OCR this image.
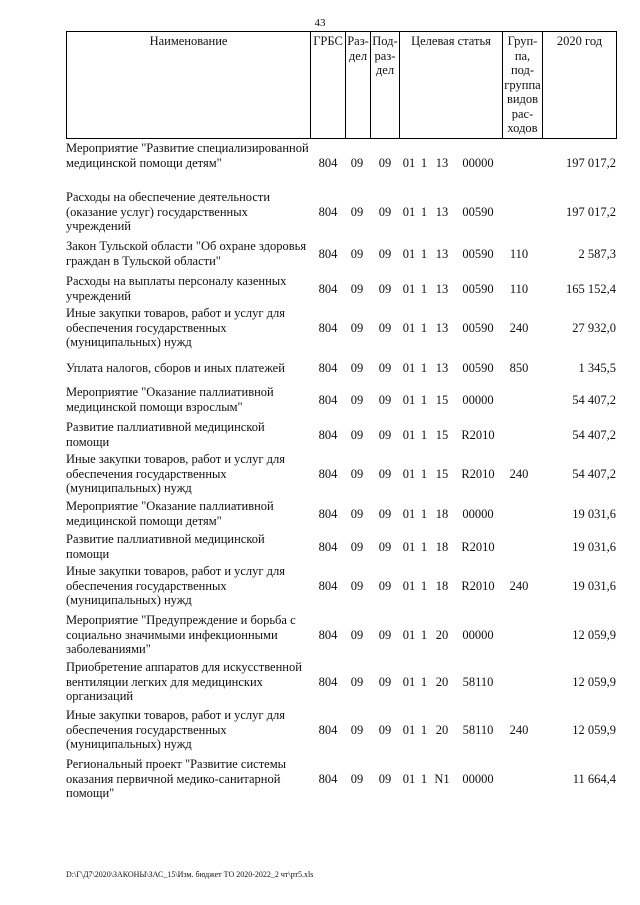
43
Наименование	ГРБС Раз-
дел
Под-
раз-
дел
Целевая статья	Груп-
па,
под-
группа
видов
рас-
ходов
2020 год
Мероприятие "Развитие специализированной медицинской помощи детям"	804	09	09 01 1 13	00000	197 017,2
Расходы на обеспечение деятельности (оказание услуг) государственных учреждений
804	09	09 01 1 13	00590	197 017,2
Закон Тульской области "Об охране здоровья граждан в Тульской области"	804	09	09 01 1 13	00590	110	2 587,3
Расходы на выплаты персоналу казенных учреждений	804	09	09 01 1 13	00590	110	165 152,4
Иные закупки товаров, работ и услуг для обеспечения государственных (муниципальных) нужд
804	09	09 01 1 13	00590	240	27 932,0
Уплата налогов, сборов и иных платежей	804	09	09 01 1 13	00590	850	1 345,5
Мероприятие "Оказание паллиативной медицинской помощи взрослым"	804	09	09 01 1 15	00000	54 407,2
Развитие паллиативной медицинской помощи	804	09	09 01 1 15	R2010	54 407,2
Иные закупки товаров, работ и услуг для обеспечения государственных (муниципальных) нужд
804	09	09 01 1 15	R2010	240	54 407,2
Мероприятие "Оказание паллиативной медицинской помощи детям"	804	09	09 01 1 18	00000	19 031,6
Развитие паллиативной медицинской помощи	804	09	09 01 1 18	R2010	19 031,6
Иные закупки товаров, работ и услуг для обеспечения государственных (муниципальных) нужд
804	09	09 01 1 18	R2010	240	19 031,6
Мероприятие "Предупреждение и борьба с социально значимыми инфекционными заболеваниями"
804	09	09 01 1 20	00000	12 059,9
Приобретение аппаратов для искусственной вентиляции легких для медицинских организаций
804	09	09 01 1 20	58110	12 059,9
Иные закупки товаров, работ и услуг для обеспечения государственных (муниципальных) нужд
804	09	09 01 1 20	58110	240	12 059,9
Региональный проект "Развитие системы оказания первичной медико-санитарной помощи"
804	09	09 01 1 N1	00000	11 664,4
D:\Г\Д7\2020\ЗАКОНЫ\ЗАС_15\Изм. бюджет ТО 2020-2022_2 чт\рт5.xls
